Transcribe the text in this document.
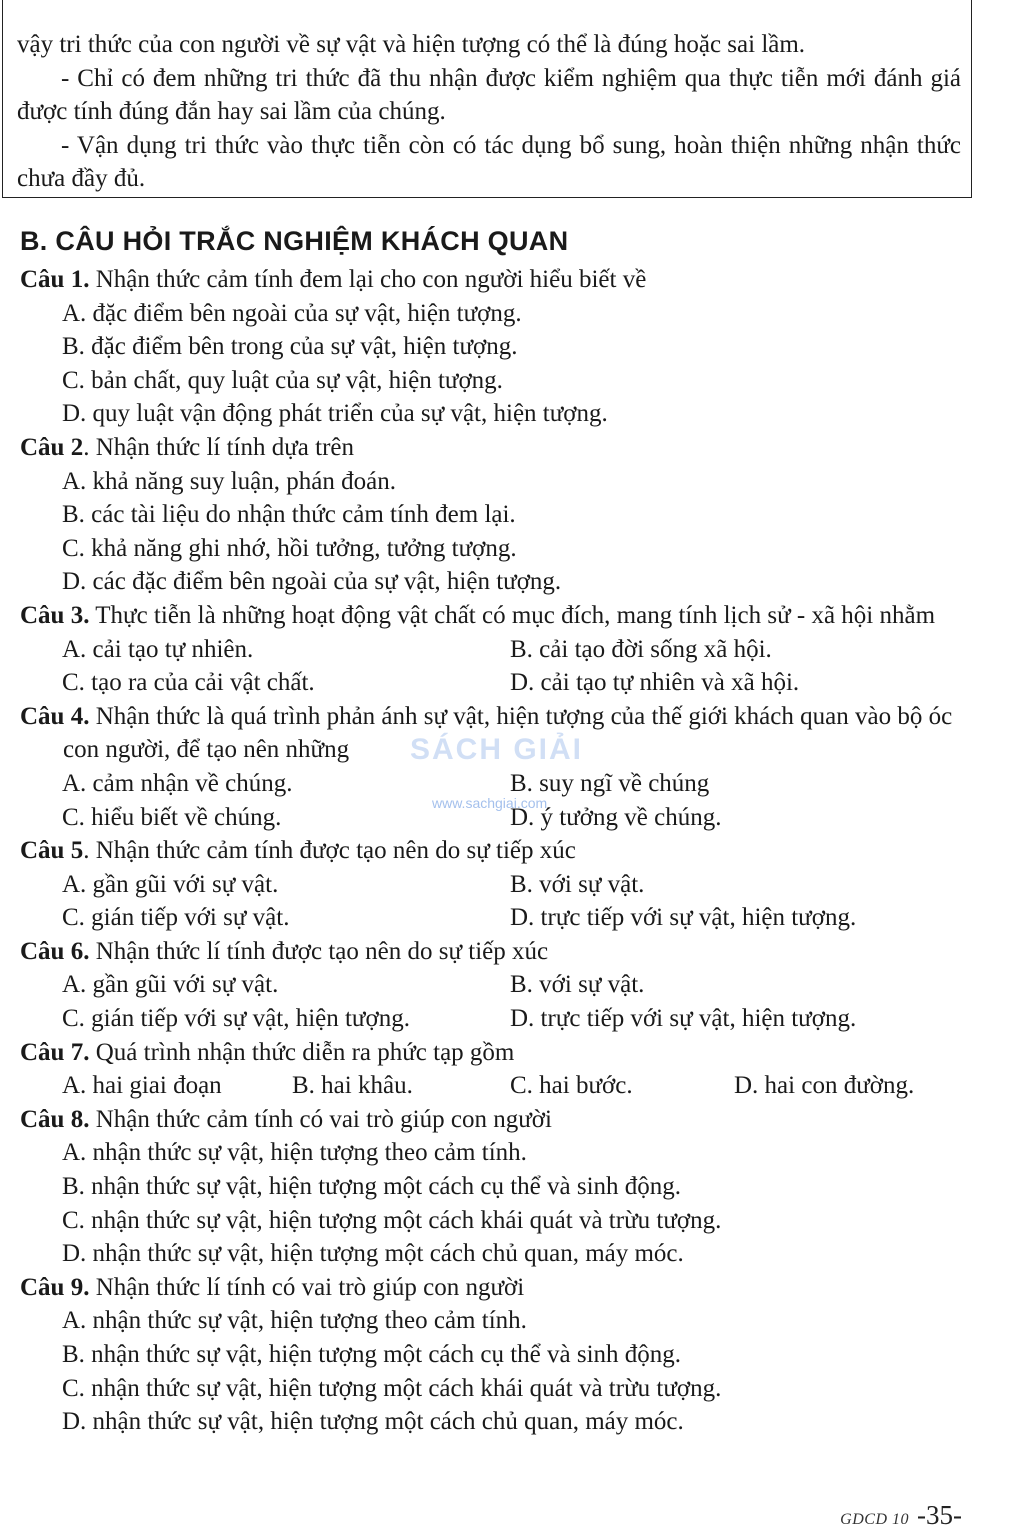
vậy tri thức của con người về sự vật và hiện tượng có thể là đúng hoặc sai lầm.

- Chỉ có đem những tri thức đã thu nhận được kiểm nghiệm qua thực tiễn mới đánh giá được tính đúng đắn hay sai lầm của chúng.

- Vận dụng tri thức vào thực tiễn còn có tác dụng bổ sung, hoàn thiện những nhận thức chưa đầy đủ.

B. CÂU HỎI TRẮC NGHIỆM KHÁCH QUAN
Câu 1. Nhận thức cảm tính đem lại cho con người hiểu biết về
A. đặc điểm bên ngoài của sự vật, hiện tượng.
B. đặc điểm bên trong của sự vật, hiện tượng.
C. bản chất, quy luật của sự vật, hiện tượng.
D. quy luật vận động phát triển của sự vật, hiện tượng.
Câu 2. Nhận thức lí tính dựa trên
A. khả năng suy luận, phán đoán.
B. các tài liệu do nhận thức cảm tính đem lại.
C. khả năng ghi nhớ, hồi tưởng, tưởng tượng.
D. các đặc điểm bên ngoài của sự vật, hiện tượng.
Câu 3. Thực tiễn là những hoạt động vật chất có mục đích, mang tính lịch sử - xã hội nhằm
A. cải tạo tự nhiên.	B. cải tạo đời sống xã hội.
C. tạo ra của cải vật chất.	D. cải tạo tự nhiên và xã hội.
Câu 4. Nhận thức là quá trình phản ánh sự vật, hiện tượng của thế giới khách quan vào bộ óc con người, để tạo nên những
A. cảm nhận về chúng.	B. suy ngĩ về chúng
C. hiểu biết về chúng.	D. ý tưởng về chúng.
Câu 5. Nhận thức cảm tính được tạo nên do sự tiếp xúc
A. gần gũi với sự vật.	B. với sự vật.
C. gián tiếp với sự vật.	D. trực tiếp với sự vật, hiện tượng.
Câu 6. Nhận thức lí tính được tạo nên do sự tiếp xúc
A. gần gũi với sự vật.	B. với sự vật.
C. gián tiếp với sự vật, hiện tượng.	D. trực tiếp với sự vật, hiện tượng.
Câu 7. Quá trình nhận thức diễn ra phức tạp gồm
A. hai giai đoạn	B. hai khâu.	C. hai bước.	D. hai con đường.
Câu 8. Nhận thức cảm tính có vai trò giúp con người
A. nhận thức sự vật, hiện tượng theo cảm tính.
B. nhận thức sự vật, hiện tượng một cách cụ thể và sinh động.
C. nhận thức sự vật, hiện tượng một cách khái quát và trừu tượng.
D. nhận thức sự vật, hiện tượng một cách chủ quan, máy móc.
Câu 9. Nhận thức lí tính có vai trò giúp con người
A. nhận thức sự vật, hiện tượng theo cảm tính.
B. nhận thức sự vật, hiện tượng một cách cụ thể và sinh động.
C. nhận thức sự vật, hiện tượng một cách khái quát và trừu tượng.
D. nhận thức sự vật, hiện tượng một cách chủ quan, máy móc.
SÁCH GIẢI
www.sachgiai.com
GDCD 10 -35-
